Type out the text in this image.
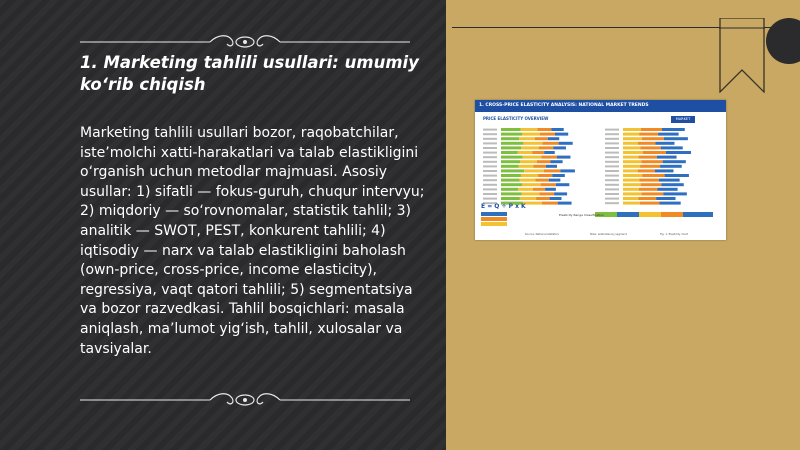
1. Marketing tahlili usullari: umumiy ko‘rib chiqish

Marketing tahlili usullari bozor, raqobatchilar, iste’molchi xatti-harakatlari va talab elastikligini o‘rganish uchun metodlar majmuasi. Asosiy usullar: 1) sifatli — fokus-guruh, chuqur intervyu; 2) miqdoriy — so‘rovnomalar, statistik tahlil; 3) analitik — SWOT, PEST, konkurent tahlili; 4) iqtisodiy — narx va talab elastikligini baholash (own-price, cross-price, income elasticity), regressiya, vaqt qatori tahlili; 5) segmentatsiya va bozor razvedkasi. Tahlil bosqichlari: masala aniqlash, ma’lumot yig‘ish, tahlil, xulosalar va tavsiyalar.

1. CROSS-PRICE ELASTICITY ANALYSIS: NATIONAL MARKET TRENDS
PRICE ELASTICITY OVERVIEW	MARKET
E = Q ÷ P x K
Elasticity Range Classification
Source: National statistics	Note: estimates by segment	Fig. 1: Elasticity chart
